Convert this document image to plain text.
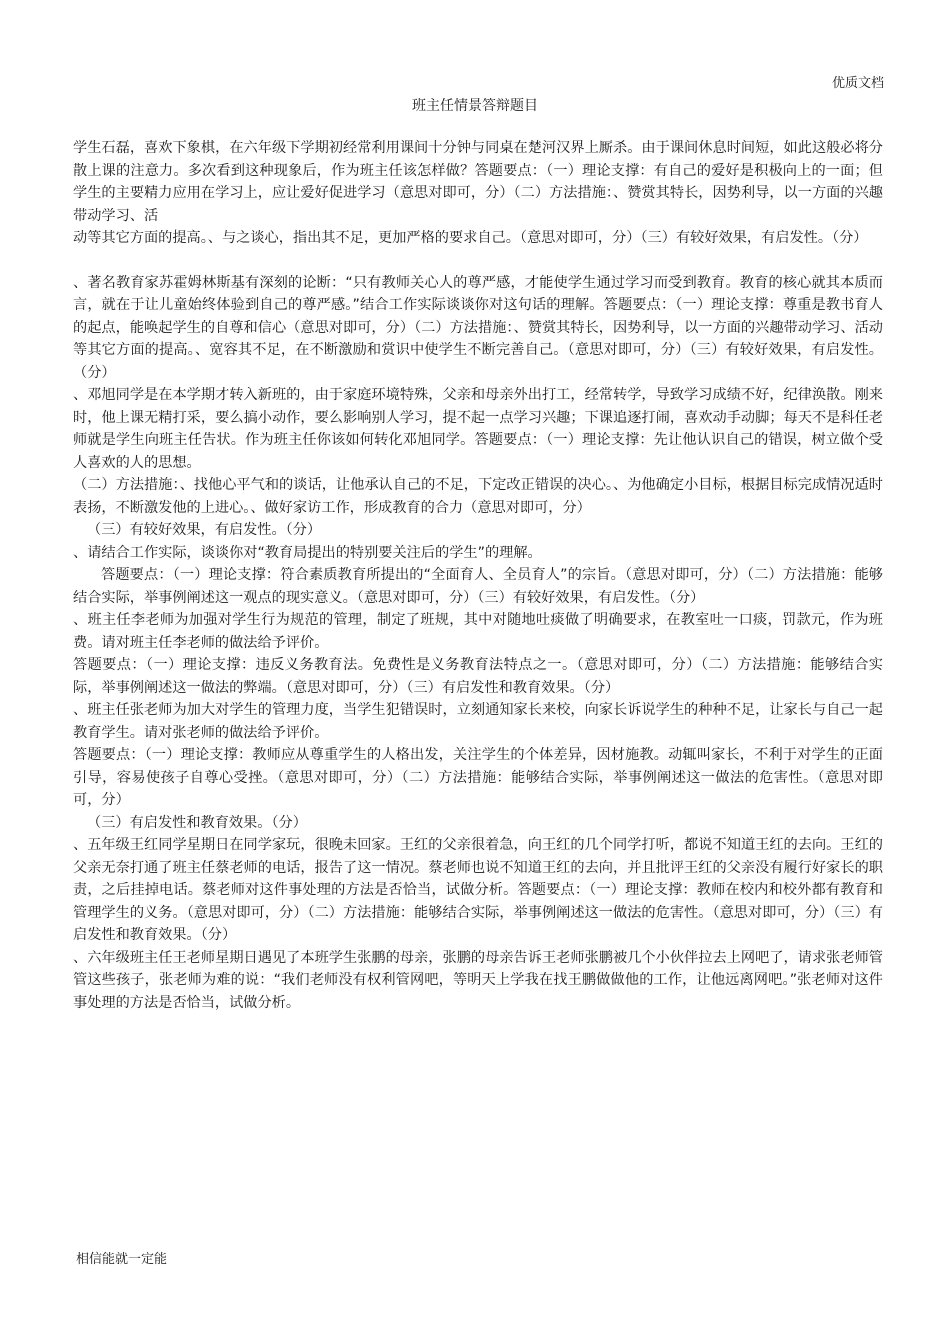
优质文档
班主任情景答辩题目

学生石磊，喜欢下象棋，在六年级下学期初经常利用课间十分钟与同桌在楚河汉界上厮杀。由于课间休息时间短，如此这般必将分散上课的注意力。多次看到这种现象后，作为班主任该怎样做？答题要点：（一）理论支撑：有自己的爱好是积极向上的一面；但学生的主要精力应用在学习上，应让爱好促进学习（意思对即可，分）（二）方法措施：、赞赏其特长，因势利导，以一方面的兴趣带动学习、活

动等其它方面的提高。、与之谈心，指出其不足，更加严格的要求自己。（意思对即可，分）（三）有较好效果，有启发性。（分）

、著名教育家苏霍姆林斯基有深刻的论断：“只有教师关心人的尊严感，才能使学生通过学习而受到教育。教育的核心就其本质而言，就在于让儿童始终体验到自己的尊严感。”结合工作实际谈谈你对这句话的理解。答题要点：（一）理论支撑：尊重是教书育人的起点，能唤起学生的自尊和信心（意思对即可，分）（二）方法措施：、赞赏其特长，因势利导，以一方面的兴趣带动学习、活动等其它方面的提高。、宽容其不足，在不断激励和赏识中使学生不断完善自己。（意思对即可，分）（三）有较好效果，有启发性。（分）

、邓旭同学是在本学期才转入新班的，由于家庭环境特殊，父亲和母亲外出打工，经常转学，导致学习成绩不好，纪律涣散。刚来时，他上课无精打采，要么搞小动作，要么影响别人学习，提不起一点学习兴趣；下课追逐打闹，喜欢动手动脚；每天不是科任老师就是学生向班主任告状。作为班主任你该如何转化邓旭同学。答题要点：（一）理论支撑：先让他认识自己的错误，树立做个受人喜欢的人的思想。

（二）方法措施：、找他心平气和的谈话，让他承认自己的不足，下定改正错误的决心。、为他确定小目标，根据目标完成情况适时表扬，不断激发他的上进心。、做好家访工作，形成教育的合力（意思对即可，分）

（三）有较好效果，有启发性。（分）

、请结合工作实际，谈谈你对“教育局提出的特别要关注后的学生”的理解。

答题要点：（一）理论支撑：符合素质教育所提出的“全面育人、全员育人”的宗旨。（意思对即可，分）（二）方法措施：能够结合实际，举事例阐述这一观点的现实意义。（意思对即可，分）（三）有较好效果，有启发性。（分）

、班主任李老师为加强对学生行为规范的管理，制定了班规，其中对随地吐痰做了明确要求，在教室吐一口痰，罚款元，作为班费。请对班主任李老师的做法给予评价。

答题要点：（一）理论支撑：违反义务教育法。免费性是义务教育法特点之一。（意思对即可，分）（二）方法措施：能够结合实际，举事例阐述这一做法的弊端。（意思对即可，分）（三）有启发性和教育效果。（分）

、班主任张老师为加大对学生的管理力度，当学生犯错误时，立刻通知家长来校，向家长诉说学生的种种不足，让家长与自己一起教育学生。请对张老师的做法给予评价。

答题要点：（一）理论支撑：教师应从尊重学生的人格出发，关注学生的个体差异，因材施教。动辄叫家长，不利于对学生的正面引导，容易使孩子自尊心受挫。（意思对即可，分）（二）方法措施：能够结合实际，举事例阐述这一做法的危害性。（意思对即可，分）

（三）有启发性和教育效果。（分）

、五年级王红同学星期日在同学家玩，很晚未回家。王红的父亲很着急，向王红的几个同学打听，都说不知道王红的去向。王红的父亲无奈打通了班主任蔡老师的电话，报告了这一情况。蔡老师也说不知道王红的去向，并且批评王红的父亲没有履行好家长的职责，之后挂掉电话。蔡老师对这件事处理的方法是否恰当，试做分析。答题要点：（一）理论支撑：教师在校内和校外都有教育和管理学生的义务。（意思对即可，分）（二）方法措施：能够结合实际，举事例阐述这一做法的危害性。（意思对即可，分）（三）有启发性和教育效果。（分）

、六年级班主任王老师星期日遇见了本班学生张鹏的母亲，张鹏的母亲告诉王老师张鹏被几个小伙伴拉去上网吧了，请求张老师管管这些孩子，张老师为难的说：“我们老师没有权利管网吧，等明天上学我在找王鹏做做他的工作，让他远离网吧。”张老师对这件事处理的方法是否恰当，试做分析。

相信能就一定能
